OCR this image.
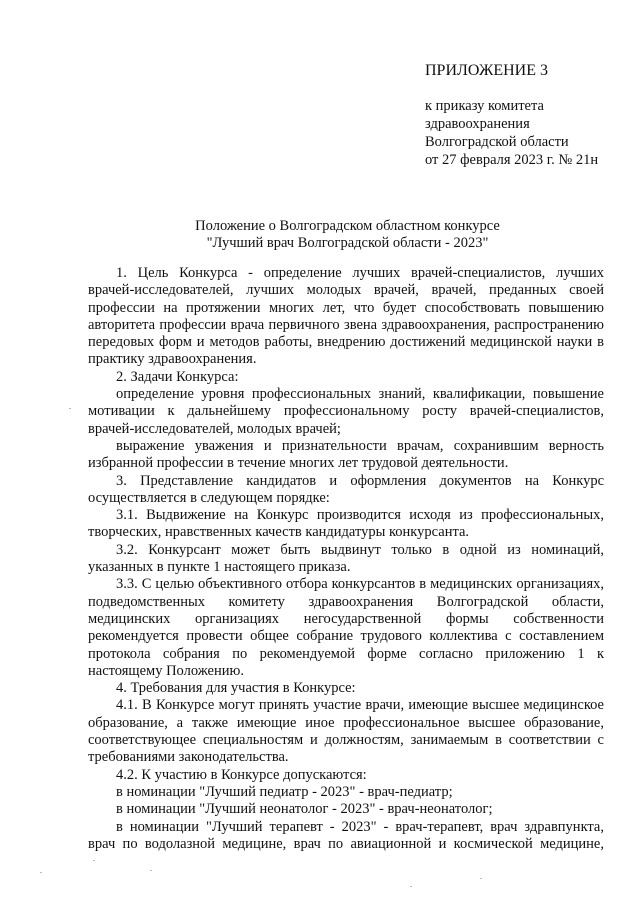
ПРИЛОЖЕНИЕ 3
к приказу комитета
здравоохранения
Волгоградской области
от 27 февраля 2023 г. № 21н
Положение о Волгоградском областном конкурсе
"Лучший врач Волгоградской области - 2023"

1. Цель Конкурса - определение лучших врачей-специалистов, лучших врачей-исследователей, лучших молодых врачей, врачей, преданных своей профессии на протяжении многих лет, что будет способствовать повышению авторитета профессии врача первичного звена здравоохранения, распространению передовых форм и методов работы, внедрению достижений медицинской науки в практику здравоохранения.

2. Задачи Конкурса:

определение уровня профессиональных знаний, квалификации, повышение мотивации к дальнейшему профессиональному росту врачей-специалистов, врачей-исследователей, молодых врачей;

выражение уважения и признательности врачам, сохранившим верность избранной профессии в течение многих лет трудовой деятельности.

3. Представление кандидатов и оформления документов на Конкурс осуществляется в следующем порядке:

3.1. Выдвижение на Конкурс производится исходя из профессиональных, творческих, нравственных качеств кандидатуры конкурсанта.

3.2. Конкурсант может быть выдвинут только в одной из номинаций, указанных в пункте 1 настоящего приказа.

3.3. С целью объективного отбора конкурсантов в медицинских организациях, подведомственных комитету здравоохранения Волгоградской области, медицинских организациях негосударственной формы собственности рекомендуется провести общее собрание трудового коллектива с составлением протокола собрания по рекомендуемой форме согласно приложению 1 к настоящему Положению.

4. Требования для участия в Конкурсе:

4.1. В Конкурсе могут принять участие врачи, имеющие высшее медицинское образование, а также имеющие иное профессиональное высшее образование, соответствующее специальностям и должностям, занимаемым в соответствии с требованиями законодательства.

4.2. К участию в Конкурсе допускаются:

в номинации "Лучший педиатр - 2023" - врач-педиатр;

в номинации "Лучший неонатолог - 2023" - врач-неонатолог;

в номинации "Лучший терапевт - 2023" - врач-терапевт, врач здравпункта, врач по водолазной медицине, врач по авиационной и космической медицине,
